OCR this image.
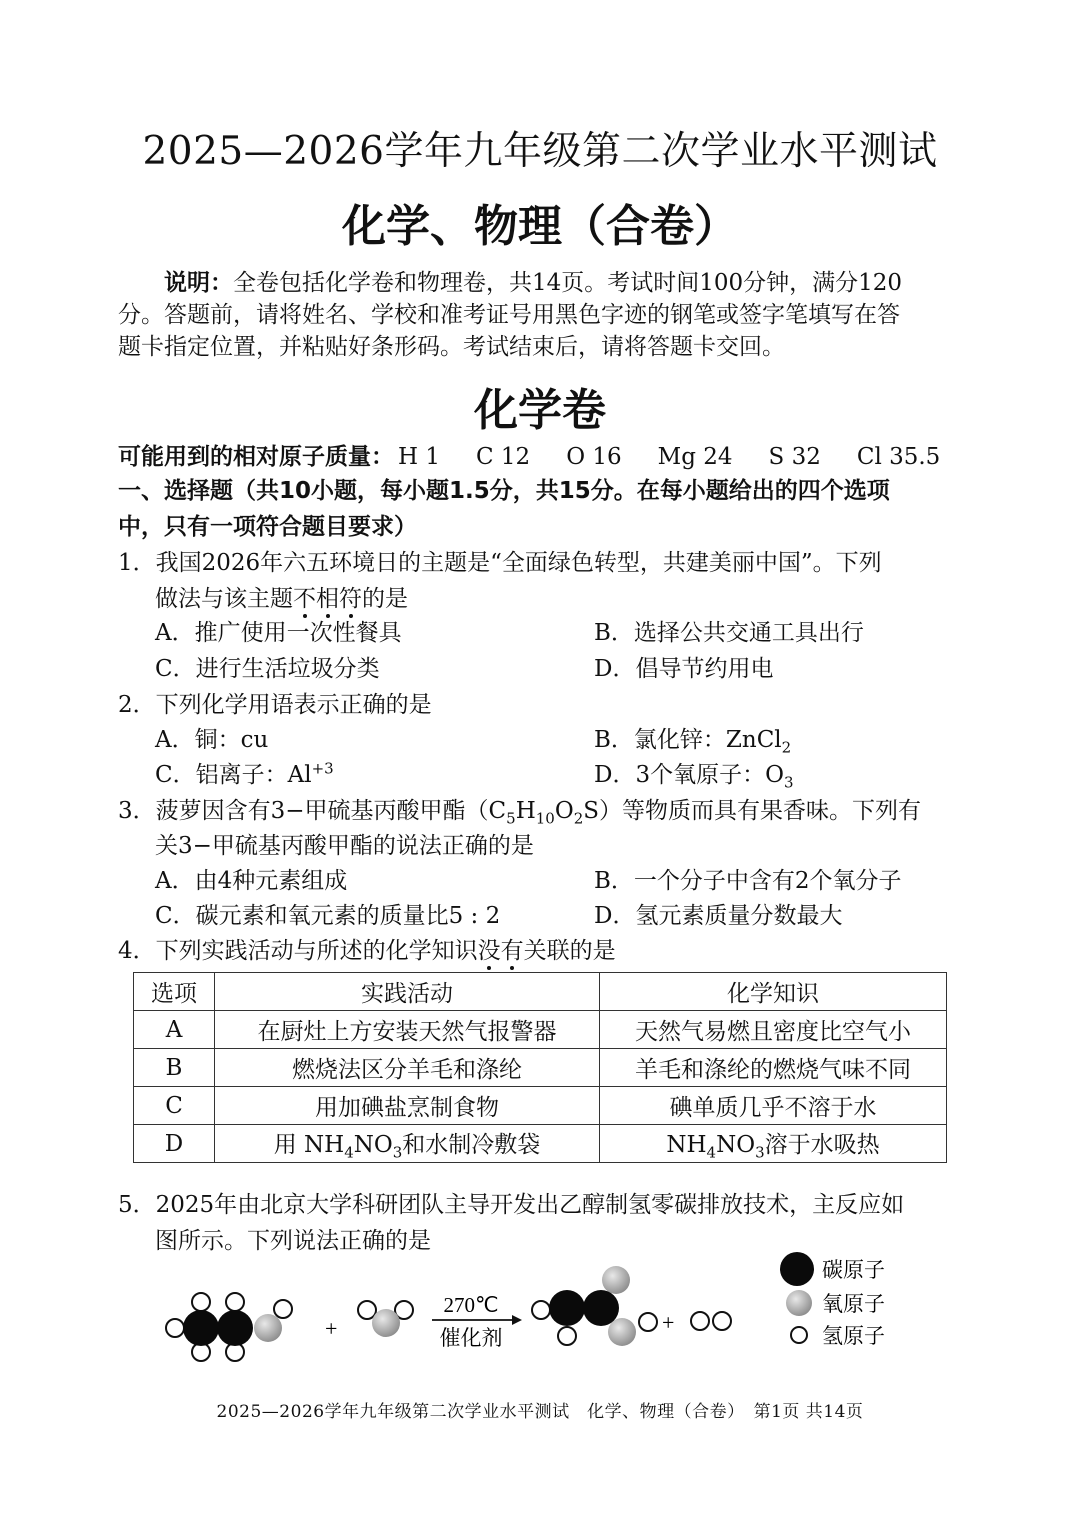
2025—2026学年九年级第二次学业水平测试
化学、物理（合卷）
说明：全卷包括化学卷和物理卷，共14页。考试时间100分钟，满分120
分。答题前，请将姓名、学校和准考证号用黑色字迹的钢笔或签字笔填写在答
题卡指定位置，并粘贴好条形码。考试结束后，请将答题卡交回。
化学卷
可能用到的相对原子质量： H 1 C 12 O 16 Mg 24 S 32 Cl 35.5
一、选择题（共10小题，每小题1.5分，共15分。在每小题给出的四个选项
中，只有一项符合题目要求）
1．我国2026年六五环境日的主题是“全面绿色转型，共建美丽中国”。下列
做法与该主题不相符的是
A．推广使用一次性餐具	B．选择公共交通工具出行
C．进行生活垃圾分类	D．倡导节约用电
2．下列化学用语表示正确的是
A．铜：cu	B．氯化锌：ZnCl$_2$
C．铝离子：$Al^{+3}$	D．3个氧原子：$O_3$
3．菠萝因含有3−甲硫基丙酸甲酯$(C_5H_{10}O_2S)$等物质而具有果香味。下列有
关3−甲硫基丙酸甲酯的说法正确的是
A．由4种元素组成	B．一个分子中含有2个氧分子
C．碳元素和氧元素的质量比5 : 2	D．氢元素质量分数最大
4．下列实践活动与所述的化学知识没有关联的是
选项	实践活动	化学知识
A	在厨灶上方安装天然气报警器	天然气易燃且密度比空气小
B	燃烧法区分羊毛和涤纶	羊毛和涤纶的燃烧气味不同
C	用加碘盐烹制食物	碘单质几乎不溶于水
D	用 $NH_4NO_3$和水制冷敷袋	$NH_4NO_3$溶于水吸热
5．2025年由北京大学科研团队主导开发出乙醇制氢零碳排放技术，主反应如
图所示。下列说法正确的是
+
270℃
催化剂
+
碳原子
氧原子
氢原子
2025—2026学年九年级第二次学业水平测试　化学、物理（合卷）　第1页 共14页
